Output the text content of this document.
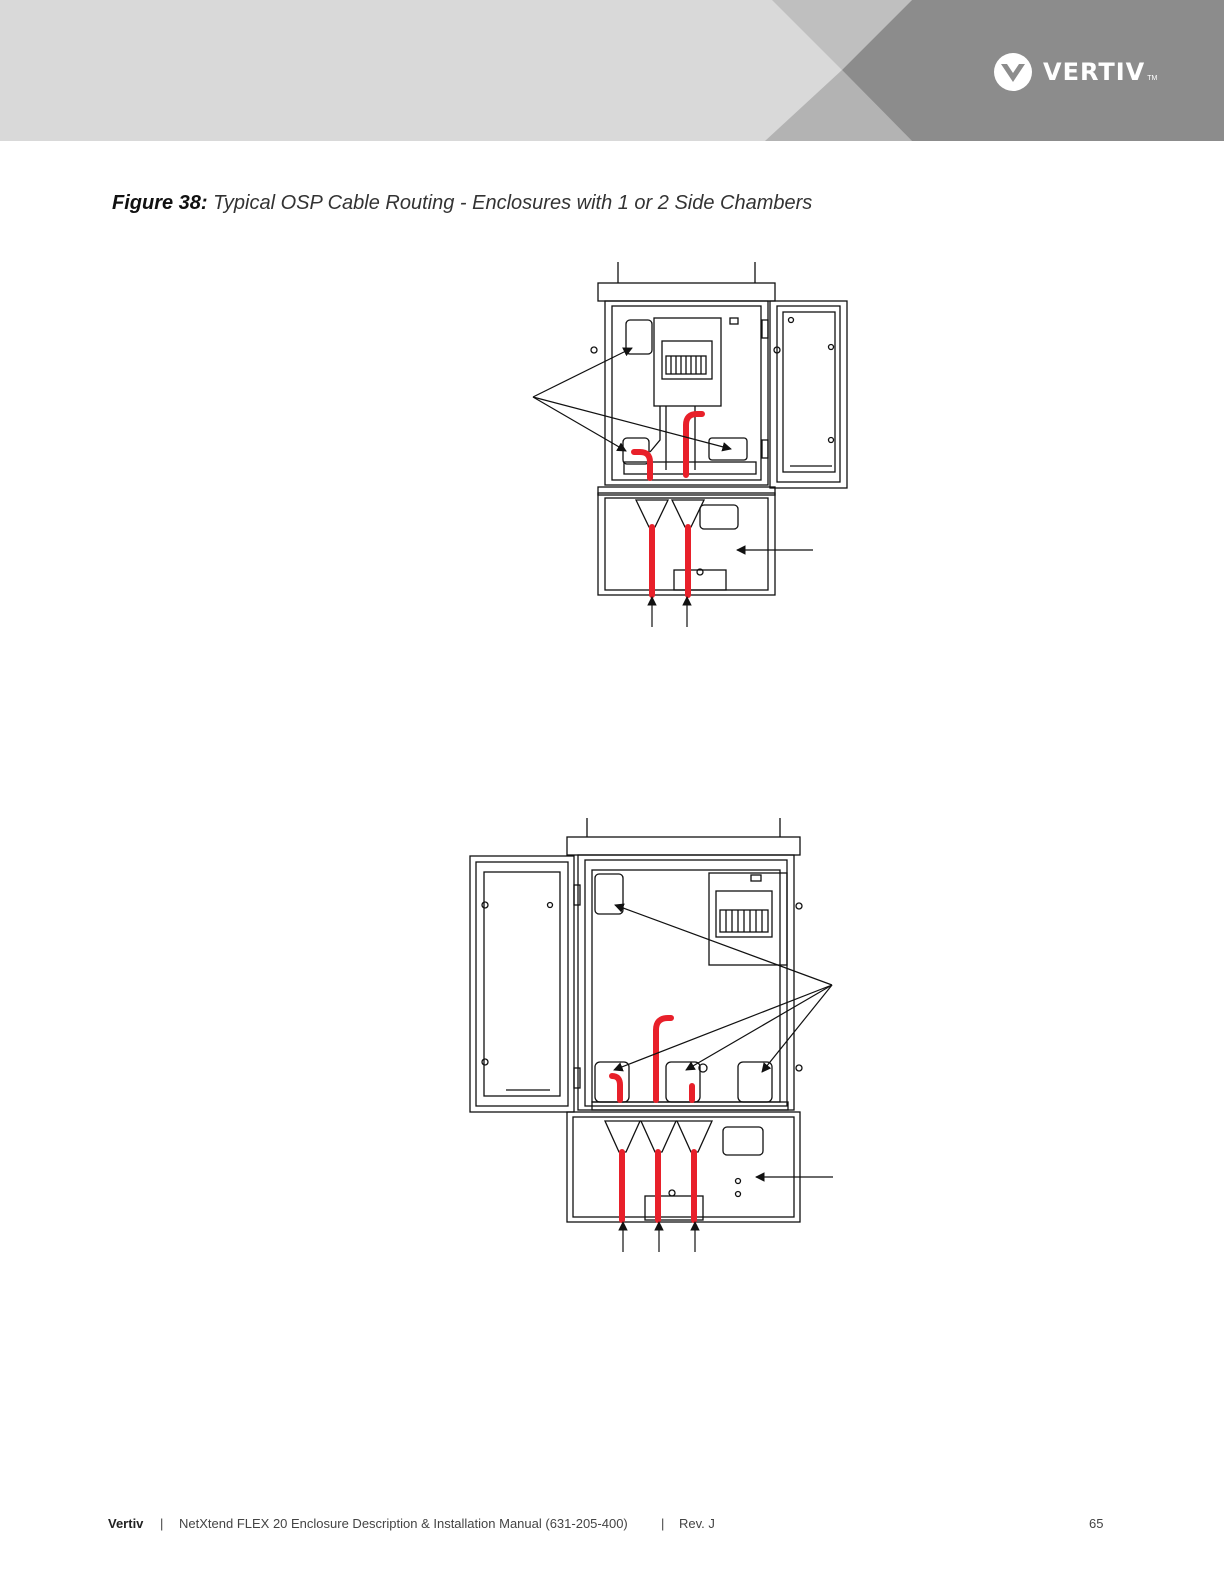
VERTIV TM
Figure 38: Typical OSP Cable Routing - Enclosures with 1 or 2 Side Chambers
Vertiv | NetXtend FLEX 20 Enclosure Description & Installation Manual (631-205-400)	| Rev. J	65
